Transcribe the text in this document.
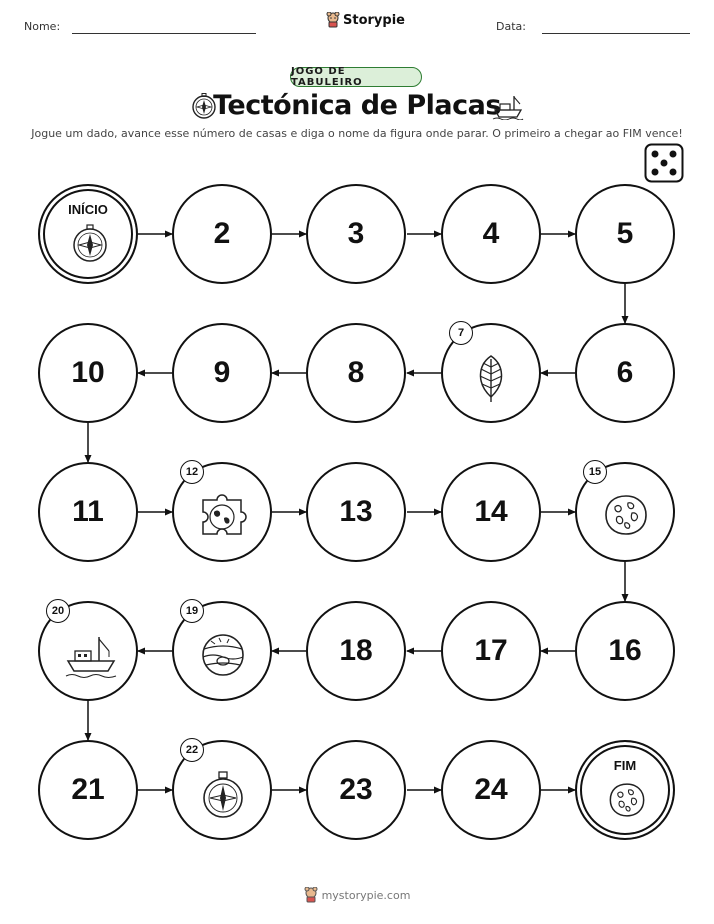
Nome:	Storypie	Data:
JOGO DE TABULEIRO
Tectónica de Placas
Jogue um dado, avance esse número de casas e diga o nome da figura onde parar. O primeiro a chegar ao FIM vence!
INÍCIO
2	3	4	5
10	9	8
7
6
11
12
13	14
15
20	19
18	17	16
21
22
23	24
FIM
mystorypie.com
